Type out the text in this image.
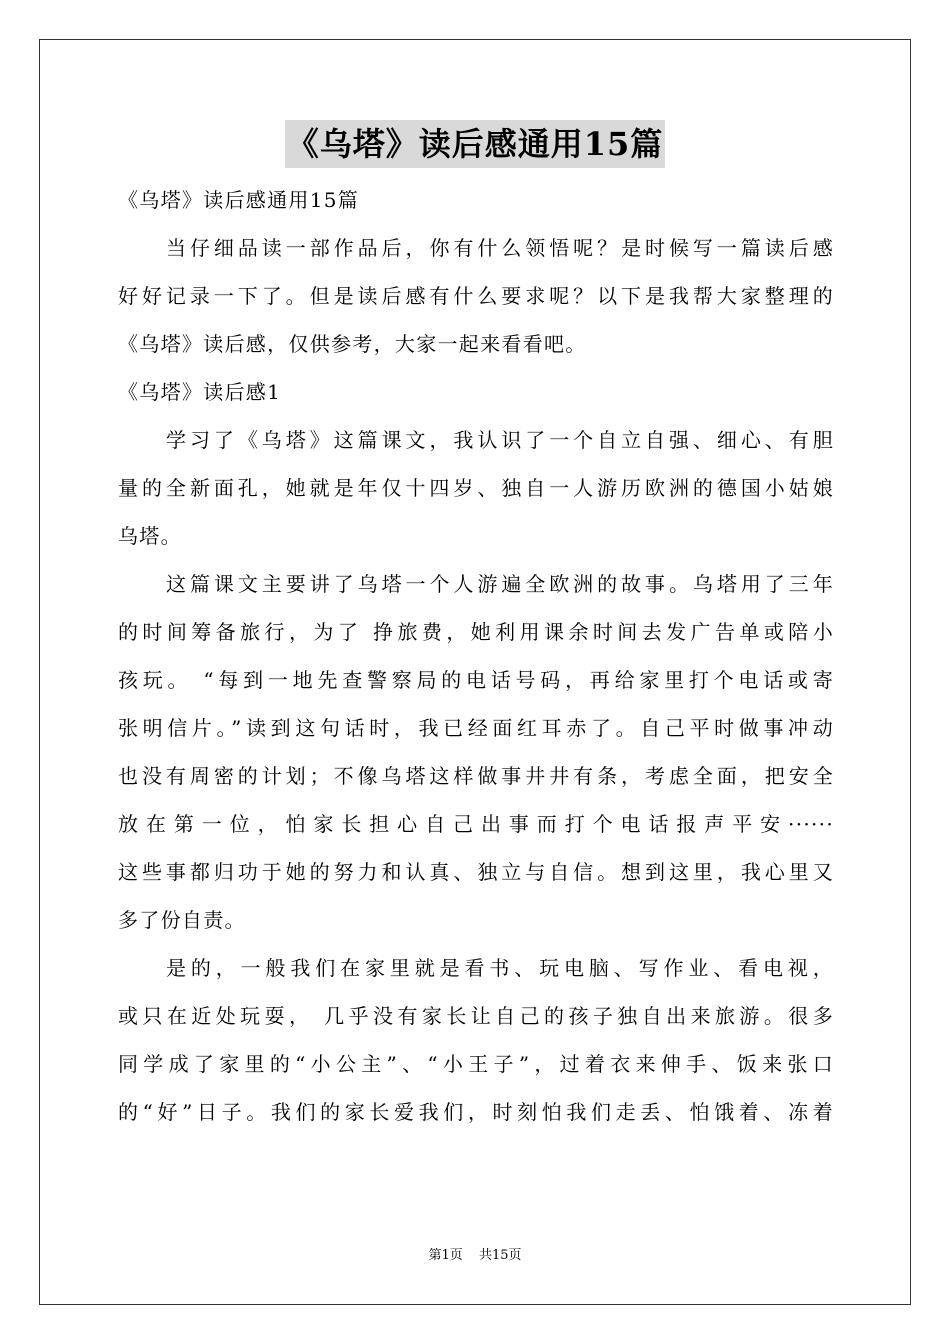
《乌塔》读后感通用15篇
《乌塔》读后感通用15篇
当仔细品读一部作品后，你有什么领悟呢？是时候写一篇读后感
好好记录一下了。但是读后感有什么要求呢？以下是我帮大家整理的
《乌塔》读后感，仅供参考，大家一起来看看吧。
《乌塔》读后感1
学习了《乌塔》这篇课文，我认识了一个自立自强、细心、有胆
量的全新面孔，她就是年仅十四岁、独自一人游历欧洲的德国小姑娘
乌塔。
这篇课文主要讲了乌塔一个人游遍全欧洲的故事。乌塔用了三年
的时间筹备旅行，为了 挣旅费，她利用课余时间去发广告单或陪小
孩玩。 “每到一地先查警察局的电话号码，再给家里打个电话或寄
张明信片。”读到这句话时，我已经面红耳赤了。自己平时做事冲动
也没有周密的计划；不像乌塔这样做事井井有条，考虑全面，把安全
放在第一位，怕家长担心自己出事而打个电话报声平安······
这些事都归功于她的努力和认真、独立与自信。想到这里，我心里又
多了份自责。
是的，一般我们在家里就是看书、玩电脑、写作业、看电视，
或只在近处玩耍， 几乎没有家长让自己的孩子独自出来旅游。很多
同学成了家里的“小公主”、“小王子”，过着衣来伸手、饭来张口
的“好”日子。我们的家长爱我们，时刻怕我们走丢、怕饿着、冻着
第1页 共15页
